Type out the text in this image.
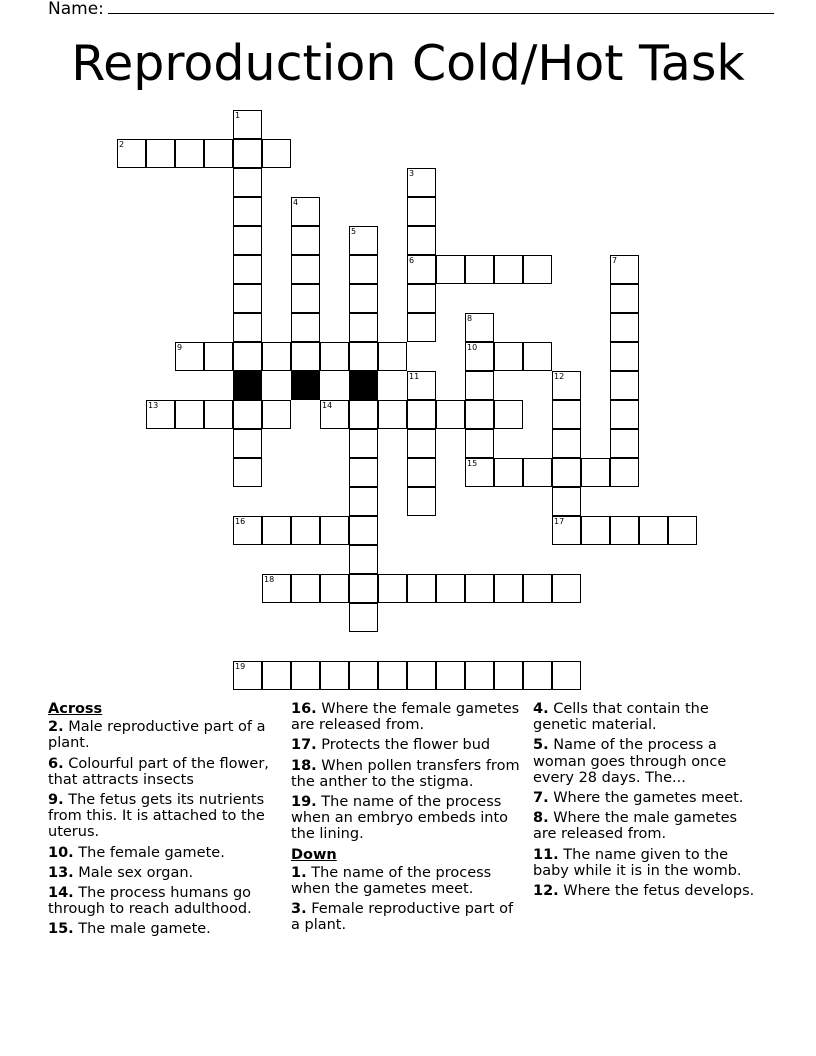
Name:
Reproduction Cold/Hot Task
1
2
3
6
4
5
7
8
10
15
9
11	12
17
13	14
16
18
19
Across
2. Male reproductive part of a plant.
6. Colourful part of the flower, that attracts insects
9. The fetus gets its nutrients from this. It is attached to the uterus.
10. The female gamete.
13. Male sex organ.
14. The process humans go through to reach adulthood.
15. The male gamete.
16. Where the female gametes are released from.
17. Protects the flower bud
18. When pollen transfers from the anther to the stigma.
19. The name of the process when an embryo embeds into the lining.
Down
1. The name of the process when the gametes meet.
3. Female reproductive part of a plant.
4. Cells that contain the genetic material.
5. Name of the process a woman goes through once every 28 days. The...
7. Where the gametes meet.
8. Where the male gametes are released from.
11. The name given to the baby while it is in the womb.
12. Where the fetus develops.
